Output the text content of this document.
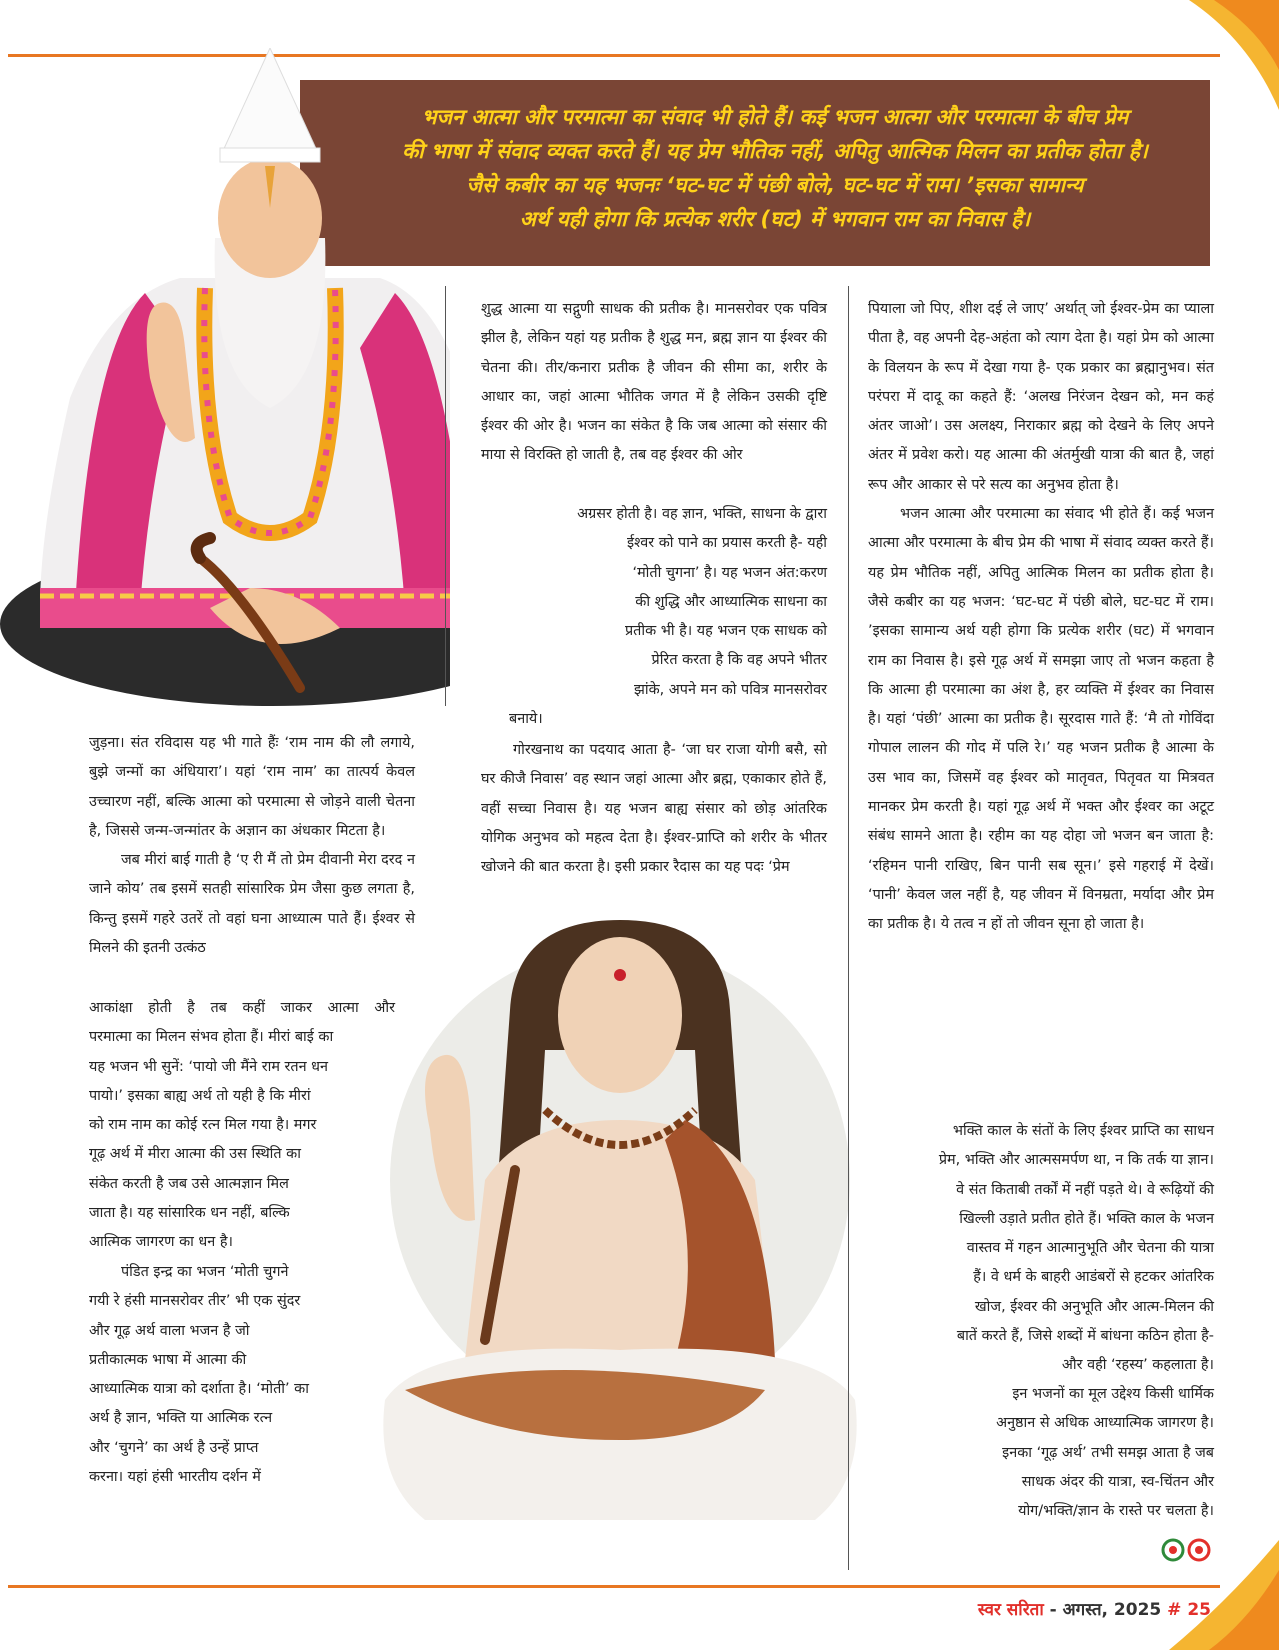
भजन आत्मा और परमात्मा का संवाद भी होते हैं। कई भजन आत्मा और परमात्मा के बीच प्रेम

की भाषा में संवाद व्यक्त करते हैं। यह प्रेम भौतिक नहीं, अपितु आत्मिक मिलन का प्रतीक होता है।

जैसे कबीर का यह भजनः ‘घट-घट में पंछी बोले, घट-घट में राम। ’इसका सामान्य

अर्थ यही होगा कि प्रत्येक शरीर (घट) में भगवान राम का निवास है।

जुड़ना। संत रविदास यह भी गाते हैंः ‘राम नाम की लौ लगाये, बुझे जन्मों का अंधियारा’। यहां ‘राम नाम’ का तात्पर्य केवल उच्चारण नहीं, बल्कि आत्मा को परमात्मा से जोड़ने वाली चेतना है, जिससे जन्म-जन्मांतर के अज्ञान का अंधकार मिटता है।

जब मीरां बाई गाती है ‘ए री मैं तो प्रेम दीवानी मेरा दरद न जाने कोय’ तब इसमें सतही सांसारिक प्रेम जैसा कुछ लगता है, किन्तु इसमें गहरे उतरें तो वहां घना आध्यात्म पाते हैं। ईश्वर से मिलने की इतनी उत्कंठ

आकांक्षा होती है तब कहीं जाकर आत्मा और
परमात्मा का मिलन संभव होता हैं। मीरां बाई का
यह भजन भी सुनें: ‘पायो जी मैंने राम रतन धन
पायो।’ इसका बाह्य अर्थ तो यही है कि मीरां
को राम नाम का कोई रत्न मिल गया है। मगर
गूढ़ अर्थ में मीरा आत्मा की उस स्थिति का
संकेत करती है जब उसे आत्मज्ञान मिल
जाता है। यह सांसारिक धन नहीं, बल्कि
आत्मिक जागरण का धन है।
पंडित इन्द्र का भजन ‘मोती चुगने
गयी रे हंसी मानसरोवर तीर’ भी एक सुंदर
और गूढ़ अर्थ वाला भजन है जो
प्रतीकात्मक भाषा में आत्मा की
आध्यात्मिक यात्रा को दर्शाता है। ‘मोती’ का
अर्थ है ज्ञान, भक्ति या आत्मिक रत्न
और ‘चुगने’ का अर्थ है उन्हें प्राप्त
करना। यहां हंसी भारतीय दर्शन में

शुद्ध आत्मा या सद्गुणी साधक की प्रतीक है। मानसरोवर एक पवित्र झील है, लेकिन यहां यह प्रतीक है शुद्ध मन, ब्रह्म ज्ञान या ईश्वर की चेतना की। तीर/कनारा प्रतीक है जीवन की सीमा का, शरीर के आधार का, जहां आत्मा भौतिक जगत में है लेकिन उसकी दृष्टि ईश्वर की ओर है। भजन का संकेत है कि जब आत्मा को संसार की माया से विरक्ति हो जाती है, तब वह ईश्वर की ओर

अग्रसर होती है। वह ज्ञान, भक्ति, साधना के द्वारा
ईश्वर को पाने का प्रयास करती है- यही
‘मोती चुगना’ है। यह भजन अंत:करण
की शुद्धि और आध्यात्मिक साधना का
प्रतीक भी है। यह भजन एक साधक को
प्रेरित करता है कि वह अपने भीतर
झांके, अपने मन को पवित्र मानसरोवर
बनाये।

गोरखनाथ का पदयाद आता है- ‘जा घर राजा योगी बसै, सो घर कीजै निवास’ वह स्थान जहां आत्मा और ब्रह्म, एकाकार होते हैं, वहीं सच्चा निवास है। यह भजन बाह्य संसार को छोड़ आंतरिक योगिक अनुभव को महत्व देता है। ईश्वर-प्राप्ति को शरीर के भीतर खोजने की बात करता है। इसी प्रकार रैदास का यह पदः ‘प्रेम

पियाला जो पिए, शीश दई ले जाए’ अर्थात् जो ईश्वर-प्रेम का प्याला पीता है, वह अपनी देह-अहंता को त्याग देता है। यहां प्रेम को आत्मा के विलयन के रूप में देखा गया है- एक प्रकार का ब्रह्मानुभव। संत परंपरा में दादू का कहते हैं: ‘अलख निरंजन देखन को, मन कहं अंतर जाओ’। उस अलक्ष्य, निराकार ब्रह्म को देखने के लिए अपने अंतर में प्रवेश करो। यह आत्मा की अंतर्मुखी यात्रा की बात है, जहां रूप और आकार से परे सत्य का अनुभव होता है।

भजन आत्मा और परमात्मा का संवाद भी होते हैं। कई भजन आत्मा और परमात्मा के बीच प्रेम की भाषा में संवाद व्यक्त करते हैं। यह प्रेम भौतिक नहीं, अपितु आत्मिक मिलन का प्रतीक होता है। जैसे कबीर का यह भजन: ‘घट-घट में पंछी बोले, घट-घट में राम। ’इसका सामान्य अर्थ यही होगा कि प्रत्येक शरीर (घट) में भगवान राम का निवास है। इसे गूढ़ अर्थ में समझा जाए तो भजन कहता है कि आत्मा ही परमात्मा का अंश है, हर व्यक्ति में ईश्वर का निवास है। यहां ‘पंछी’ आत्मा का प्रतीक है। सूरदास गाते हैं: ‘मै तो गोविंदा गोपाल लालन की गोद में पलि रे।’ यह भजन प्रतीक है आत्मा के उस भाव का, जिसमें वह ईश्वर को मातृवत, पितृवत या मित्रवत मानकर प्रेम करती है। यहां गूढ़ अर्थ में भक्त और ईश्वर का अटूट संबंध सामने आता है। रहीम का यह दोहा जो भजन बन जाता है: ‘रहिमन पानी राखिए, बिन पानी सब सून।’ इसे गहराई में देखें। ‘पानी’ केवल जल नहीं है, यह जीवन में विनम्रता, मर्यादा और प्रेम का प्रतीक है। ये तत्व न हों तो जीवन सूना हो जाता है।

भक्ति काल के संतों के लिए ईश्वर प्राप्ति का साधन
प्रेम, भक्ति और आत्मसमर्पण था, न कि तर्क या ज्ञान।
वे संत किताबी तर्कों में नहीं पड़ते थे। वे रूढ़ियों की
खिल्ली उड़ाते प्रतीत होते हैं। भक्ति काल के भजन
वास्तव में गहन आत्मानुभूति और चेतना की यात्रा
हैं। वे धर्म के बाहरी आडंबरों से हटकर आंतरिक
खोज, ईश्वर की अनुभूति और आत्म-मिलन की
बातें करते हैं, जिसे शब्दों में बांधना कठिन होता है-
और वही ‘रहस्य’ कहलाता है।
इन भजनों का मूल उद्देश्य किसी धार्मिक
अनुष्ठान से अधिक आध्यात्मिक जागरण है।
इनका ‘गूढ़ अर्थ’ तभी समझ आता है जब
साधक अंदर की यात्रा, स्व-चिंतन और
योग/भक्ति/ज्ञान के रास्ते पर चलता है।
स्वर सरिता - अगस्त, 2025 # 25
